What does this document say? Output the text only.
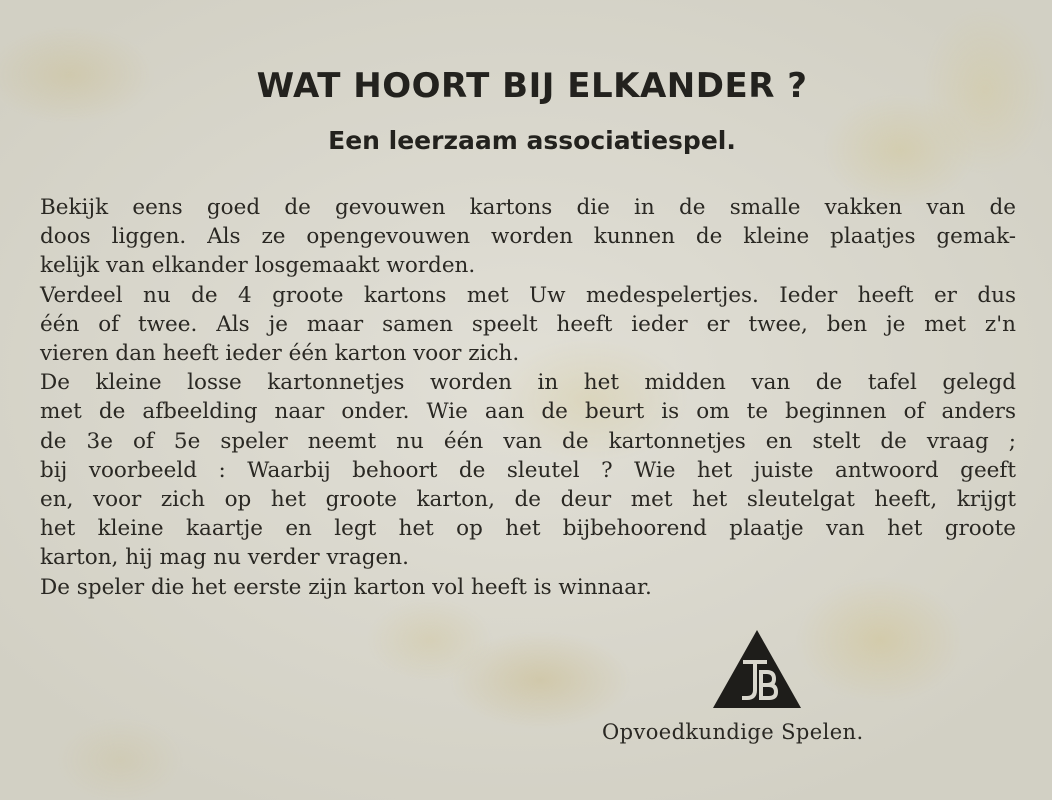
WAT HOORT BIJ ELKANDER ?
Een leerzaam associatiespel.
Bekijk eens goed de gevouwen kartons die in de smalle vakken van de
doos liggen. Als ze opengevouwen worden kunnen de kleine plaatjes gemak-
kelijk van elkander losgemaakt worden.
Verdeel nu de 4 groote kartons met Uw medespelertjes. Ieder heeft er dus
één of twee. Als je maar samen speelt heeft ieder er twee, ben je met z'n
vieren dan heeft ieder één karton voor zich.
De kleine losse kartonnetjes worden in het midden van de tafel gelegd
met de afbeelding naar onder. Wie aan de beurt is om te beginnen of anders
de 3e of 5e speler neemt nu één van de kartonnetjes en stelt de vraag ;
bij voorbeeld : Waarbij behoort de sleutel ? Wie het juiste antwoord geeft
en, voor zich op het groote karton, de deur met het sleutelgat heeft, krijgt
het kleine kaartje en legt het op het bijbehoorend plaatje van het groote
karton, hij mag nu verder vragen.
De speler die het eerste zijn karton vol heeft is winnaar.
Opvoedkundige Spelen.
